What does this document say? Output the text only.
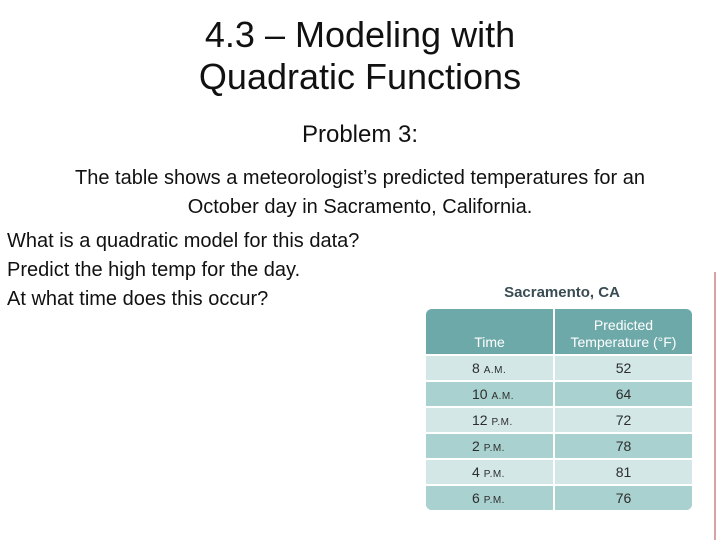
4.3 – Modeling with
Quadratic Functions
Problem 3:

The table shows a meteorologist’s predicted temperatures for an
October day in Sacramento, California.

What is a quadratic model for this data?
Predict the high temp for the day.
At what time does this occur?	Sacramento, CA
Time	Predicted
Temperature (°F)

8 A.M.	52
10 A.M.	64
12 P.M.	72
2 P.M.	78
4 P.M.	81
6 P.M.	76
